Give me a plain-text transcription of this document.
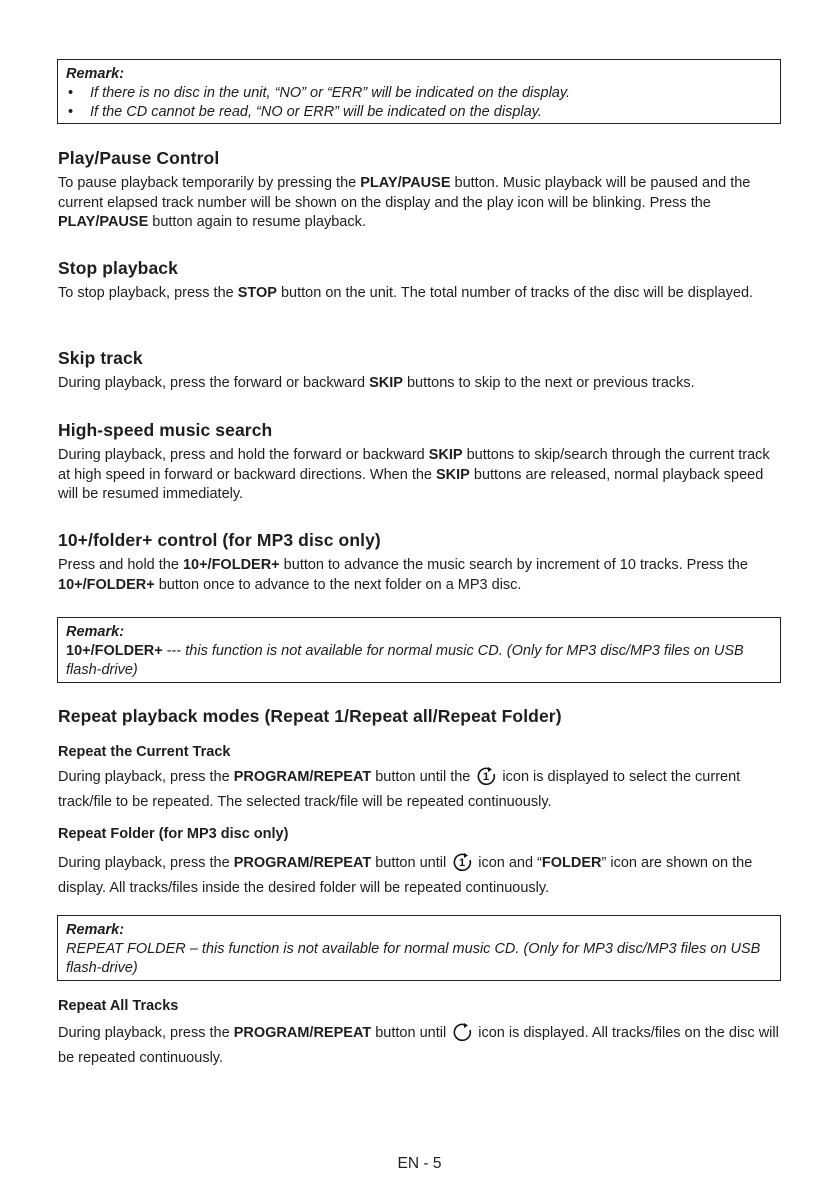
Remark:
• If there is no disc in the unit, “NO” or “ERR” will be indicated on the display.
• If the CD cannot be read, “NO or ERR” will be indicated on the display.
Play/Pause Control

To pause playback temporarily by pressing the PLAY/PAUSE button. Music playback will be paused and the current elapsed track number will be shown on the display and the play icon will be blinking. Press the PLAY/PAUSE button again to resume playback.

Stop playback

To stop playback, press the STOP button on the unit. The total number of tracks of the disc will be displayed.

Skip track

During playback, press the forward or backward SKIP buttons to skip to the next or previous tracks.

High-speed music search

During playback, press and hold the forward or backward SKIP buttons to skip/search through the current track at high speed in forward or backward directions. When the SKIP buttons are released, normal playback speed will be resumed immediately.

10+/folder+ control (for MP3 disc only)

Press and hold the 10+/FOLDER+ button to advance the music search by increment of 10 tracks. Press the 10+/FOLDER+ button once to advance to the next folder on a MP3 disc.

Remark:
10+/FOLDER+ --- this function is not available for normal music CD. (Only for MP3 disc/MP3 files on USB flash-drive)
Repeat playback modes (Repeat 1/Repeat all/Repeat Folder)
Repeat the Current Track

During playback, press the PROGRAM/REPEAT button until the 1 icon is displayed to select the current track/file to be repeated. The selected track/file will be repeated continuously.

Repeat Folder (for MP3 disc only)

During playback, press the PROGRAM/REPEAT button until 1 icon and “FOLDER” icon are shown on the display. All tracks/files inside the desired folder will be repeated continuously.

Remark:
REPEAT FOLDER – this function is not available for normal music CD. (Only for MP3 disc/MP3 files on USB flash-drive)
Repeat All Tracks

During playback, press the PROGRAM/REPEAT button until  icon is displayed. All tracks/files on the disc will be repeated continuously.

EN - 5
